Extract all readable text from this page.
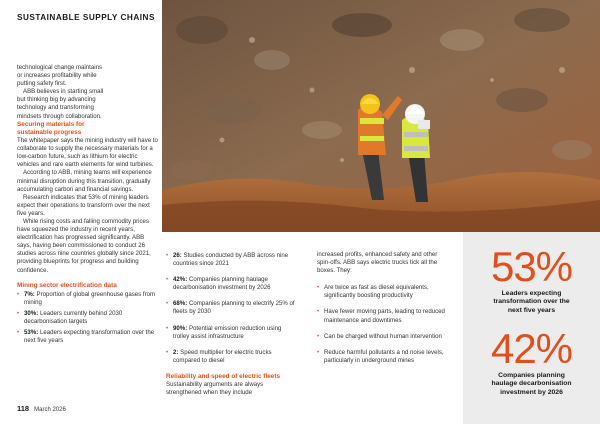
SUSTAINABLE SUPPLY CHAINS

technological change maintains

or increases profitability while

putting safety first.

ABB believes in starting small

but thinking big by advancing

technology and transforming

mindsets through collaboration.

Securing materials for sustainable progress

The whitepaper says the mining industry will have to collaborate to supply the necessary materials for a low-carbon future, such as lithium for electric vehicles and rare earth elements for wind turbines.

According to ABB, mining teams will experience minimal disruption during this transition, gradually accumulating carbon and financial savings.

Research indicates that 53% of mining leaders expect their operations to transform over the next five years.

While rising costs and falling commodity prices have squeezed the industry in recent years, electrification has progressed significantly. ABB says, having been commissioned to conduct 26 studies across nine countries globally since 2021, providing blueprints for progress and building confidence.

Mining sector electrification data

• 7%: Proportion of global greenhouse gases from mining
• 30%: Leaders currently behind 2030 decarbonisation targets
• 53%: Leaders expecting transformation over the next five years
• 26: Studies conducted by ABB across nine countries since 2021
• 42%: Companies planning haulage decarbonisation investment by 2026
• 68%: Companies planning to electrify 25% of fleets by 2030
• 90%: Potential emission reduction using trolley assist infrastructure
• 2: Speed multiplier for electric trucks compared to diesel

Reliability and speed of electric fleets

Sustainability arguments are always strengthened when they include

increased profits, enhanced safety and other spin-offs. ABB says electric trucks tick all the boxes. They:

• Are twice as fast as diesel equivalents, significantly boosting productivity
• Have fewer moving parts, leading to reduced maintenance and downtimes
• Can be charged without human intervention
• Reduce harmful pollutants a nd noise levels, particularly in underground mines
53%
Leaders expecting transformation over the next five years
42%
Companies planning haulage decarbonisation investment by 2026
118 March 2026
